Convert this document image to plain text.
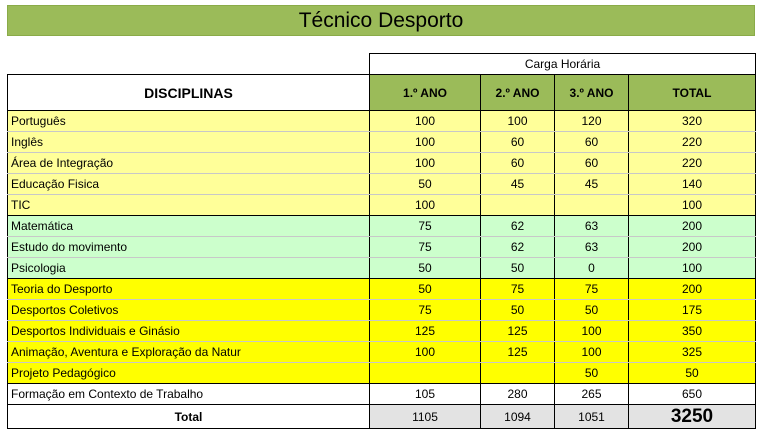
Técnico Desporto
	Carga Horária			
DISCIPLINAS	1.º ANO	2.º ANO	3.º ANO	TOTAL
Português	100	100	120	320
Inglês	100	60	60	220
Área de Integração	100	60	60	220
Educação Fisica	50	45	45	140
TIC	100			100
Matemática	75	62	63	200
Estudo do movimento	75	62	63	200
Psicologia	50	50	0	100
Teoria do Desporto	50	75	75	200
Desportos Coletivos	75	50	50	175
Desportos Individuais e Ginásio	125	125	100	350
Animação, Aventura e Exploração da Natur	100	125	100	325
Projeto Pedagógico			50	50
Formação em Contexto de Trabalho	105	280	265	650
Total	1105	1094	1051	3250
